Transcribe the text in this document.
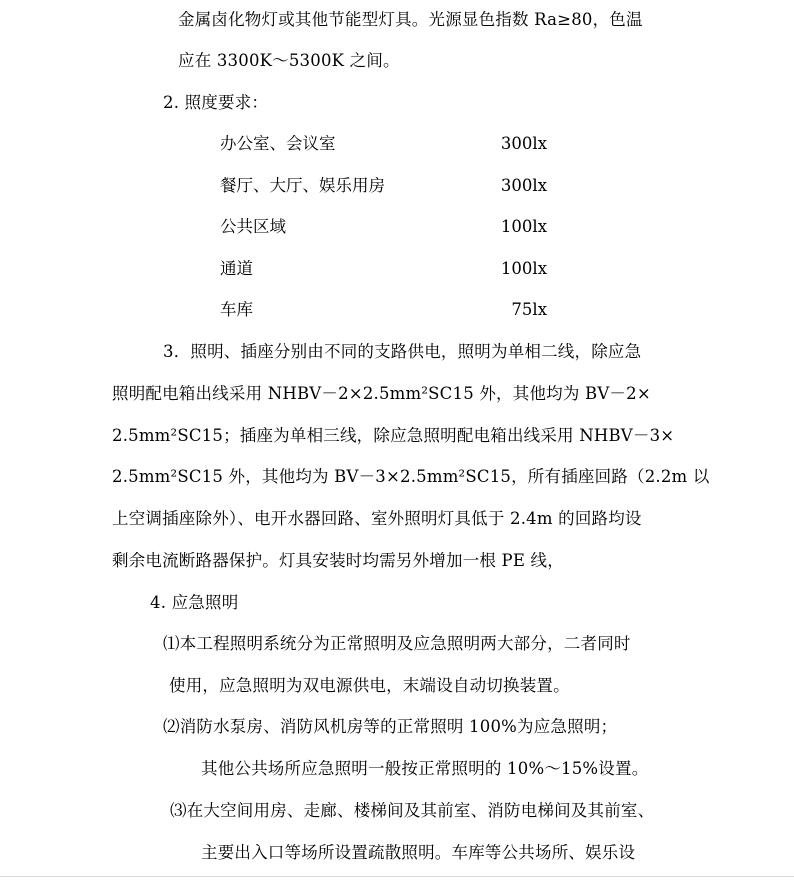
金属卤化物灯或其他节能型灯具。光源显色指数 Ra≥80，色温
应在 3300K～5300K 之间。
2. 照度要求：
办公室、会议室	300lx
餐厅、大厅、娱乐用房	300lx
公共区域	100lx
通道	100lx
车库	75lx
3．照明、插座分别由不同的支路供电，照明为单相二线，除应急
照明配电箱出线采用 NHBV－2×2.5mm²SC15 外，其他均为 BV－2×
2.5mm²SC15；插座为单相三线，除应急照明配电箱出线采用 NHBV－3×
2.5mm²SC15 外，其他均为 BV－3×2.5mm²SC15，所有插座回路（2.2m 以
上空调插座除外）、电开水器回路、室外照明灯具低于 2.4m 的回路均设
剩余电流断路器保护。灯具安装时均需另外增加一根 PE 线，
4. 应急照明
⑴本工程照明系统分为正常照明及应急照明两大部分，二者同时
使用，应急照明为双电源供电，末端设自动切换装置。
⑵消防水泵房、消防风机房等的正常照明 100%为应急照明；
其他公共场所应急照明一般按正常照明的 10%～15%设置。
⑶在大空间用房、走廊、楼梯间及其前室、消防电梯间及其前室、
主要出入口等场所设置疏散照明。车库等公共场所、娱乐设
